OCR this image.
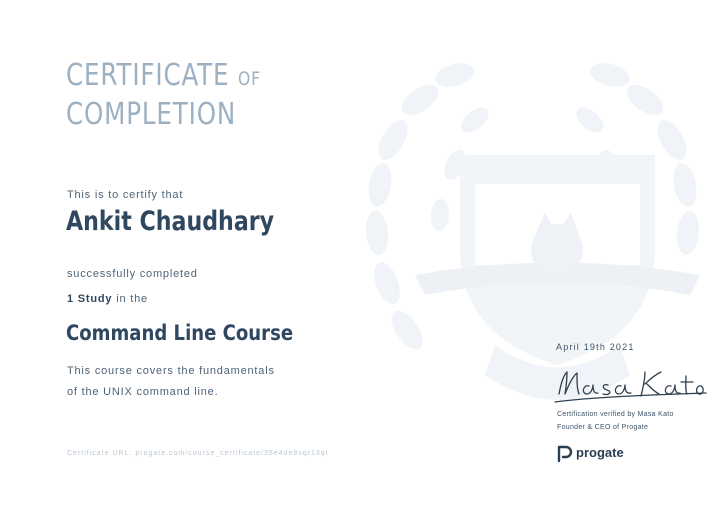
CERTIFICATE OF
COMPLETION
This is to certify that
Ankit Chaudhary
successfully completed
1 Study in the
Command Line Course
This course covers the fundamentals of the UNIX command line.
Certificate URL: progate.com/course_certificate/35e4de8sqr13qt
April 19th 2021
Certification verified by Masa Kato
Founder & CEO of Progate
progate
